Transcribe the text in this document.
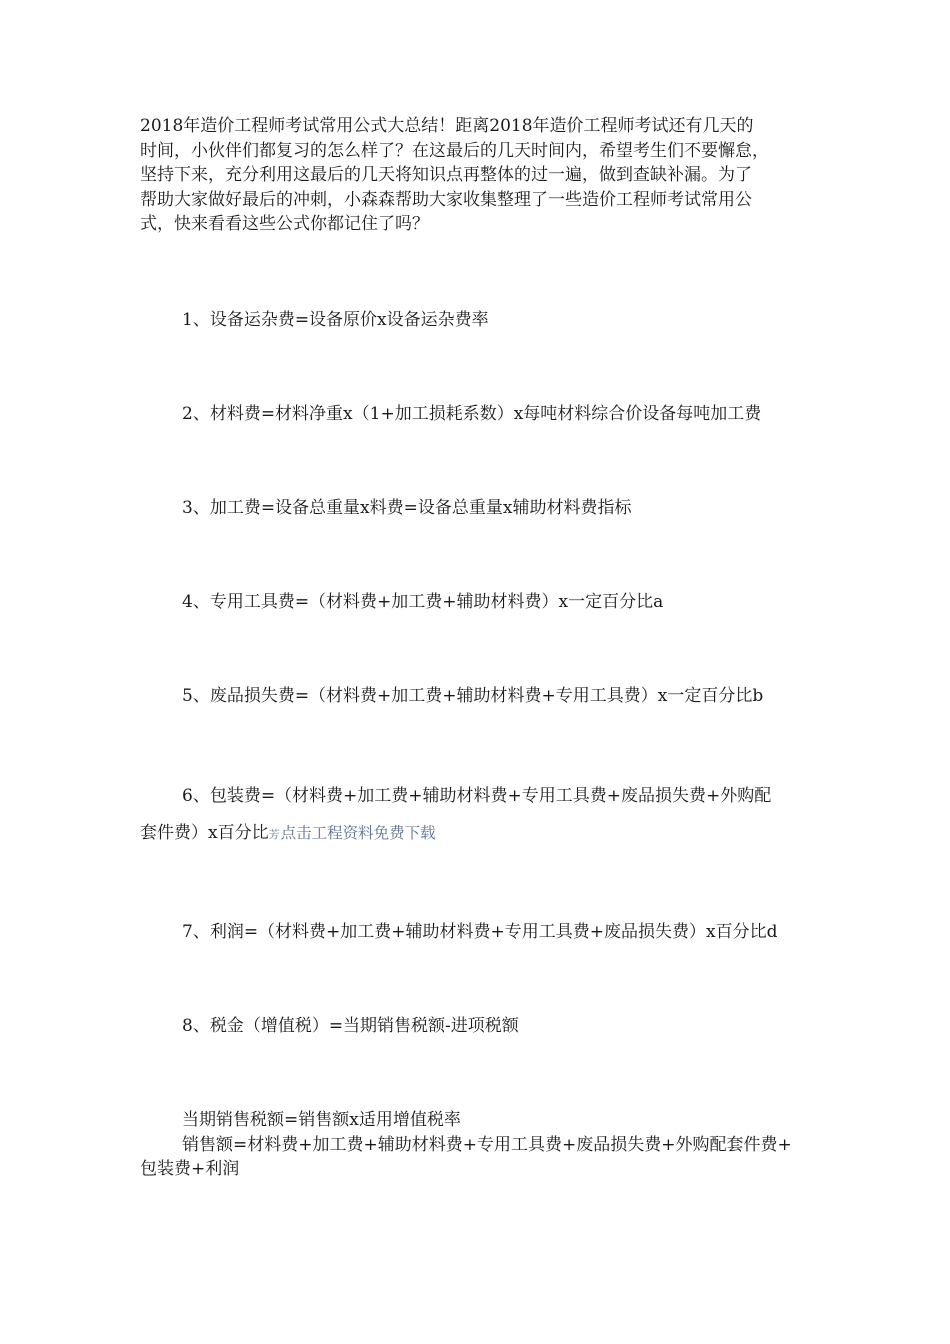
2018年造价工程师考试常用公式大总结！距离2018年造价工程师考试还有几天的
时间，小伙伴们都复习的怎么样了？在这最后的几天时间内，希望考生们不要懈怠，
坚持下来，充分利用这最后的几天将知识点再整体的过一遍，做到查缺补漏。为了
帮助大家做好最后的冲刺，小森森帮助大家收集整理了一些造价工程师考试常用公
式，快来看看这些公式你都记住了吗？

1、设备运杂费=设备原价x设备运杂费率

2、材料费=材料净重x（1+加工损耗系数）x每吨材料综合价设备每吨加工费

3、加工费=设备总重量x料费=设备总重量x辅助材料费指标

4、专用工具费=（材料费+加工费+辅助材料费）x一定百分比a

5、废品损失费=（材料费+加工费+辅助材料费+专用工具费）x一定百分比b

6、包装费=（材料费+加工费+辅助材料费+专用工具费+废品损失费+外购配
套件费）x百分比芳点击工程资料免费下载

7、利润=（材料费+加工费+辅助材料费+专用工具费+废品损失费）x百分比d

8、税金（增值税）=当期销售税额-进项税额

当期销售税额=销售额x适用增值税率
销售额=材料费+加工费+辅助材料费+专用工具费+废品损失费+外购配套件费+
包装费+利润
